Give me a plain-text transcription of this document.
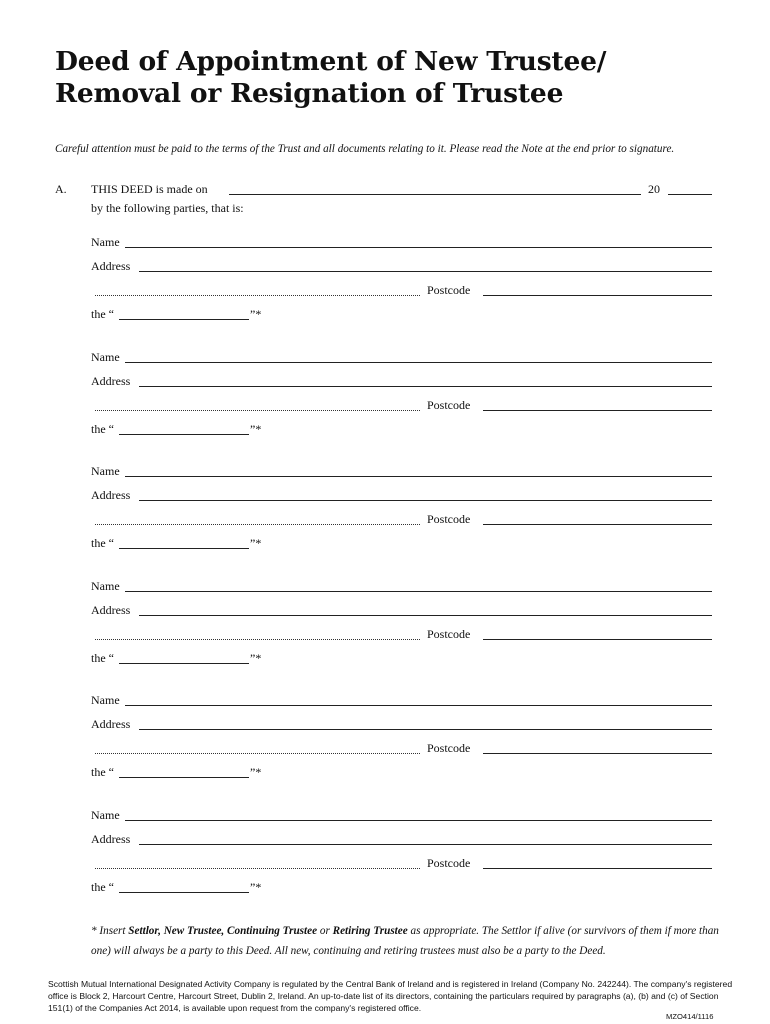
Deed of Appointment of New Trustee/
Removal or Resignation of Trustee
Careful attention must be paid to the terms of the Trust and all documents relating to it. Please read the Note at the end prior to signature.
A. THIS DEED is made on	20
by the following parties, that is:
Name
Address
Postcode
the “	”*
Name
Address
Postcode
the “	”*
Name
Address
Postcode
the “	”*
Name
Address
Postcode
the “	”*
Name
Address
Postcode
the “	”*
Name
Address
Postcode
the “	”*
* Insert Settlor, New Trustee, Continuing Trustee or Retiring Trustee as appropriate. The Settlor if alive (or survivors of them if more than one) will always be a party to this Deed. All new, continuing and retiring trustees must also be a party to the Deed.
Scottish Mutual International Designated Activity Company is regulated by the Central Bank of Ireland and is registered in Ireland (Company No. 242244). The company's registered office is Block 2, Harcourt Centre, Harcourt Street, Dublin 2, Ireland. An up-to-date list of its directors, containing the particulars required by paragraphs (a), (b) and (c) of Section 151(1) of the Companies Act 2014, is available upon request from the company's registered office.
MZO414/1116
